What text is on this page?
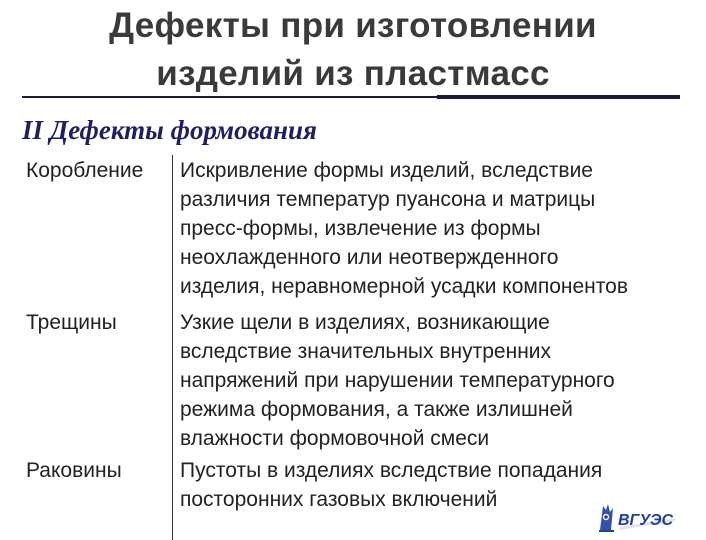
Дефекты при изготовлении
изделий из пластмасс
II Дефекты формования
Коробление Искривление формы изделий, вследствие
различия температур пуансона и матрицы
пресс-формы, извлечение из формы
неохлажденного или неотвержденного
изделия, неравномерной усадки компонентов
Трещины	Узкие щели в изделиях, возникающие
вследствие значительных внутренних
напряжений при нарушении температурного
режима формования, а также излишней
влажности формовочной смеси
Раковины	Пустоты в изделиях вследствие попадания
посторонних газовых включений
ВГУЭС
